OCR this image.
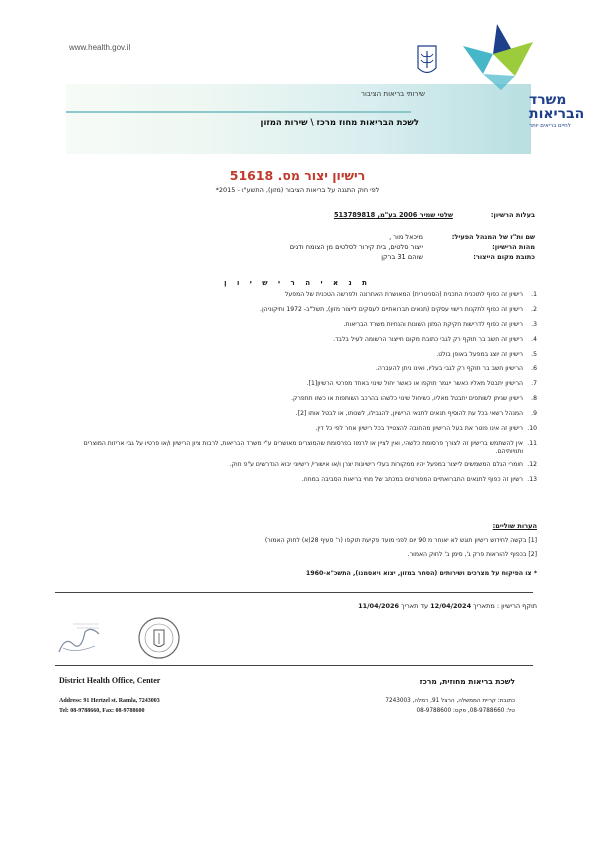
www.health.gov.il
שירותי בריאות הציבור
לשכת הבריאות מחוז מרכז \ שירות המזון
משרד
הבריאות
לחיים בריאים יותר
רישיון יצור מס. 51618
לפי חוק התגנה על בריאות הציבור (מזון), התשע"ו - 2015*
בעלות הרשיון:
שלטי שמיר 2006 בע"מ, 513789818
שם ות"ז של המנהל הפעיל:
מיכאל מור ,
מהות הרישיון:
ייצור סלטים, בית קירור לסלטים מן הצומח ודגים
כתובת מקום הייצור:
שוהם 31 ברקן
ת נ א י ה ר י ש י ו ן
1.
רישיון זה כפוף לתוכנית התכנית (הסניטרית) המאושרת האחרונה ולפרשה הטכנית של המפעל
2.
רישיון זה כפוף לתקנות רישוי עסקים (תנאים תברואתיים לעסקים לייצור מזון), תשל"ב- 1972 ותיקוניהן.
3.
רישיון זה כפוף לדרישות חקיקת המזון השונות והנחיות משרד הבריאות.
4.
רישיון זה חשב בר תוקף רק לגבי כתובת מקום חייצור הרשומה לעיל בלבד.
5.
רישיון זה יוצג במפעל באופן בולט.
6.
הרישיון חשב בר תוקף רק לגבי בעליו, ואינו ניתן להעברה.
7.
הרישיון יתבטל מאליו כאשר ייגמר תוקפו או כאשר יחול שינוי באחד מפרטי הרשיון[1].
8.
רישיון שניתן לשותפים יתבטל מאליו, כשיחול שינוי כלשהו בהרכב השותפות או כשזו תתפרק.
9.
המנהל רשאי בכל עת להוסיף תנאים לתנאי הרישיון, להגבילו, לשנותו, או לבטל אותו [2].
10.
רישיון זה אינו פוטר את בעל הרישיון מהחובה להצטייד בכל רישיון אחר לפי כל דין.
11.
אין להשתמש ברישיון זה לצורך פרסומת כלשהי, ואין לציין או לרמוז בפרסומת שהמוצרים מאושרים ע"י משרד הבריאות, לרבות ציון הרישיון ו/או פרטיו על גבי אריזות המוצרים ותוויותיהם.
12.
חומרי הגלם המשמשים לייצור במפעל יהיו ממקורות בעלי רישיונות יצרן ו/או אישורי/ רישיוני יבוא הנדרשים ע"פ חוק.
13.
רשיון זה כפוף לתנאים התברואתיים המפורטים במכתב של מחי בריאות הסביבה במחוז.
הערות שוליים:
[1] בקשה לחידוש רישיון תוגש לא יאוחר מ 90 יום לפני מועד פקיעת תוקפו (ר' סעיף 28(א) לחוק האמור)
[2] בכפוף להוראות פרק ג', סימן ב' לחוק האמור.
* צו הפיקוח על מצרכים ושירותים (הסחר במזון, יצוא ויאסמנו), התשכ"א-1960
תוקף הרישיון : מתאריך 12/04/2024 עד תאריך 11/04/2026
District Health Office, Center
Address: 91 Hertzel st. Ramla, 7243003
Tel: 08-9788660, Fax: 08-9788600
לשכת בריאות מחוזית, מרכז
כתובת: קריית הממשלה, הרצל 91, רמלה, 7243003
טל: 08-9788660, פקס: 08-9788600
